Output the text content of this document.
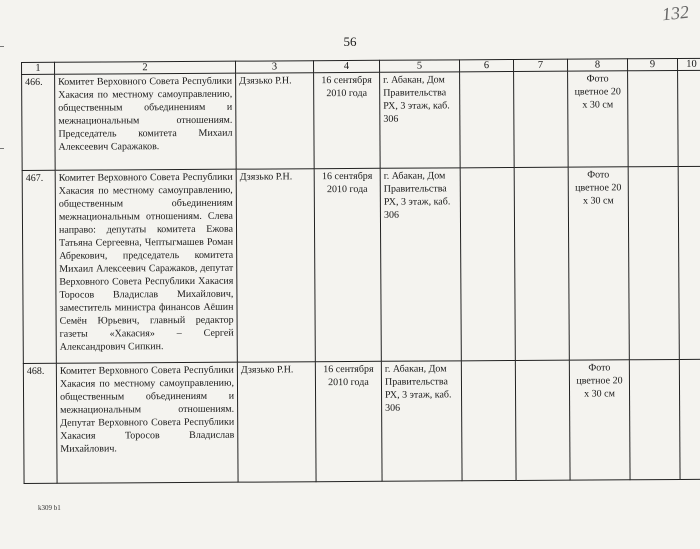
132
56
1	2	3	4	5	6	7	8	9	10
466.	Комитет Верховного Совета Республики Хакасия по местному самоуправлению, общественным объединениям и межнациональным отношениям. Председатель комитета Михаил Алексеевич Саражаков.	Дзязько Р.Н.	16 сентября 2010 года	г. Абакан, Дом Правительства РХ, 3 этаж, каб. 306			Фото цветное 20 х 30 см		
467.	Комитет Верховного Совета Республики Хакасия по местному самоуправлению, общественным объединениям межнациональным отношениям. Слева направо: депутаты комитета Ежова Татьяна Сергеевна, Чептыгмашев Роман Абрекович, председатель комитета Михаил Алексеевич Саражаков, депутат Верховного Совета Республики Хакасия Торосов Владислав Михайлович, заместитель министра финансов Аёшин Семён Юрьевич, главный редактор газеты «Хакасия» – Сергей Александрович Сипкин.	Дзязько Р.Н.	16 сентября 2010 года	г. Абакан, Дом Правительства РХ, 3 этаж, каб. 306			Фото цветное 20 х 30 см		
468.	Комитет Верховного Совета Республики Хакасия по местному самоуправлению, общественным объединениям и межнациональным отношениям. Депутат Верховного Совета Республики Хакасия Торосов Владислав Михайлович.	Дзязько Р.Н.	16 сентября 2010 года	г. Абакан, Дом Правительства РХ, 3 этаж, каб. 306			Фото цветное 20 х 30 см		
k309 b1
